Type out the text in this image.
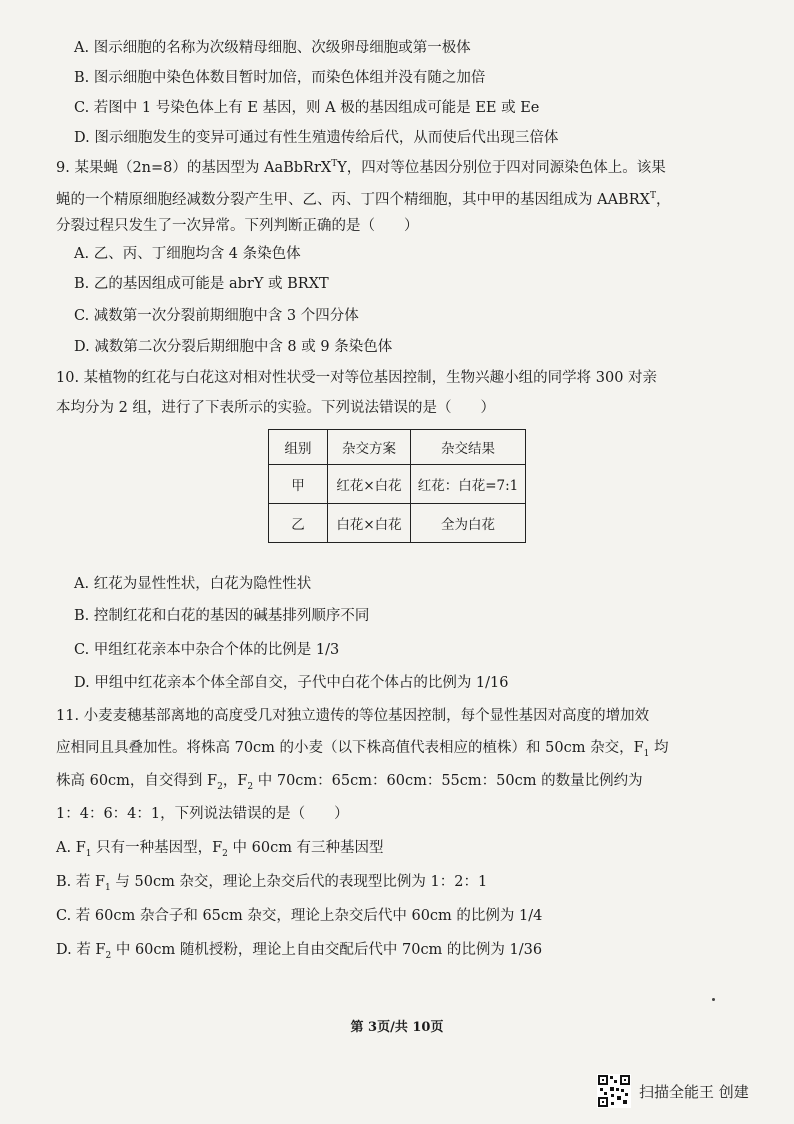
A. 图示细胞的名称为次级精母细胞、次级卵母细胞或第一极体
B. 图示细胞中染色体数目暂时加倍，而染色体组并没有随之加倍
C. 若图中 1 号染色体上有 E 基因，则 A 极的基因组成可能是 EE 或 Ee
D. 图示细胞发生的变异可通过有性生殖遗传给后代，从而使后代出现三倍体
9. 某果蝇（2n=8）的基因型为 AaBbRrX$^T$Y，四对等位基因分别位于四对同源染色体上。该果
蝇的一个精原细胞经减数分裂产生甲、乙、丙、丁四个精细胞，其中甲的基因组成为 $AABRX^T$，
分裂过程只发生了一次异常。下列判断正确的是（　　）
A. 乙、丙、丁细胞均含 4 条染色体
B. 乙的基因组成可能是 abrY 或 BRXT
C. 减数第一次分裂前期细胞中含 3 个四分体
D. 减数第二次分裂后期细胞中含 8 或 9 条染色体
10. 某植物的红花与白花这对相对性状受一对等位基因控制，生物兴趣小组的同学将 300 对亲
本均分为 2 组，进行了下表所示的实验。下列说法错误的是（　　）
组别	杂交方案	杂交结果
甲	红花×白花	红花：白花=7:1
乙	白花×白花	全为白花
A. 红花为显性性状，白花为隐性性状
B. 控制红花和白花的基因的碱基排列顺序不同
C. 甲组红花亲本中杂合个体的比例是 1/3
D. 甲组中红花亲本个体全部自交，子代中白花个体占的比例为 1/16
11. 小麦麦穗基部离地的高度受几对独立遗传的等位基因控制，每个显性基因对高度的增加效
应相同且具叠加性。将株高 70cm 的小麦（以下株高值代表相应的植株）和 50cm 杂交，$F_1$ 均
株高 60cm，自交得到 $F_2$，$F_2$ 中 70cm：65cm：60cm：55cm：50cm 的数量比例约为
1：4：6：4：1，下列说法错误的是（　　）
A. $F_1$ 只有一种基因型，$F_2$ 中 60cm 有三种基因型
B. 若 $F_1$ 与 50cm 杂交，理论上杂交后代的表现型比例为 1：2：1
C. 若 60cm 杂合子和 65cm 杂交，理论上杂交后代中 60cm 的比例为 1/4
D. 若 $F_2$ 中 60cm 随机授粉，理论上自由交配后代中 70cm 的比例为 1/36
第 3页/共 10页
扫描全能王 创建
